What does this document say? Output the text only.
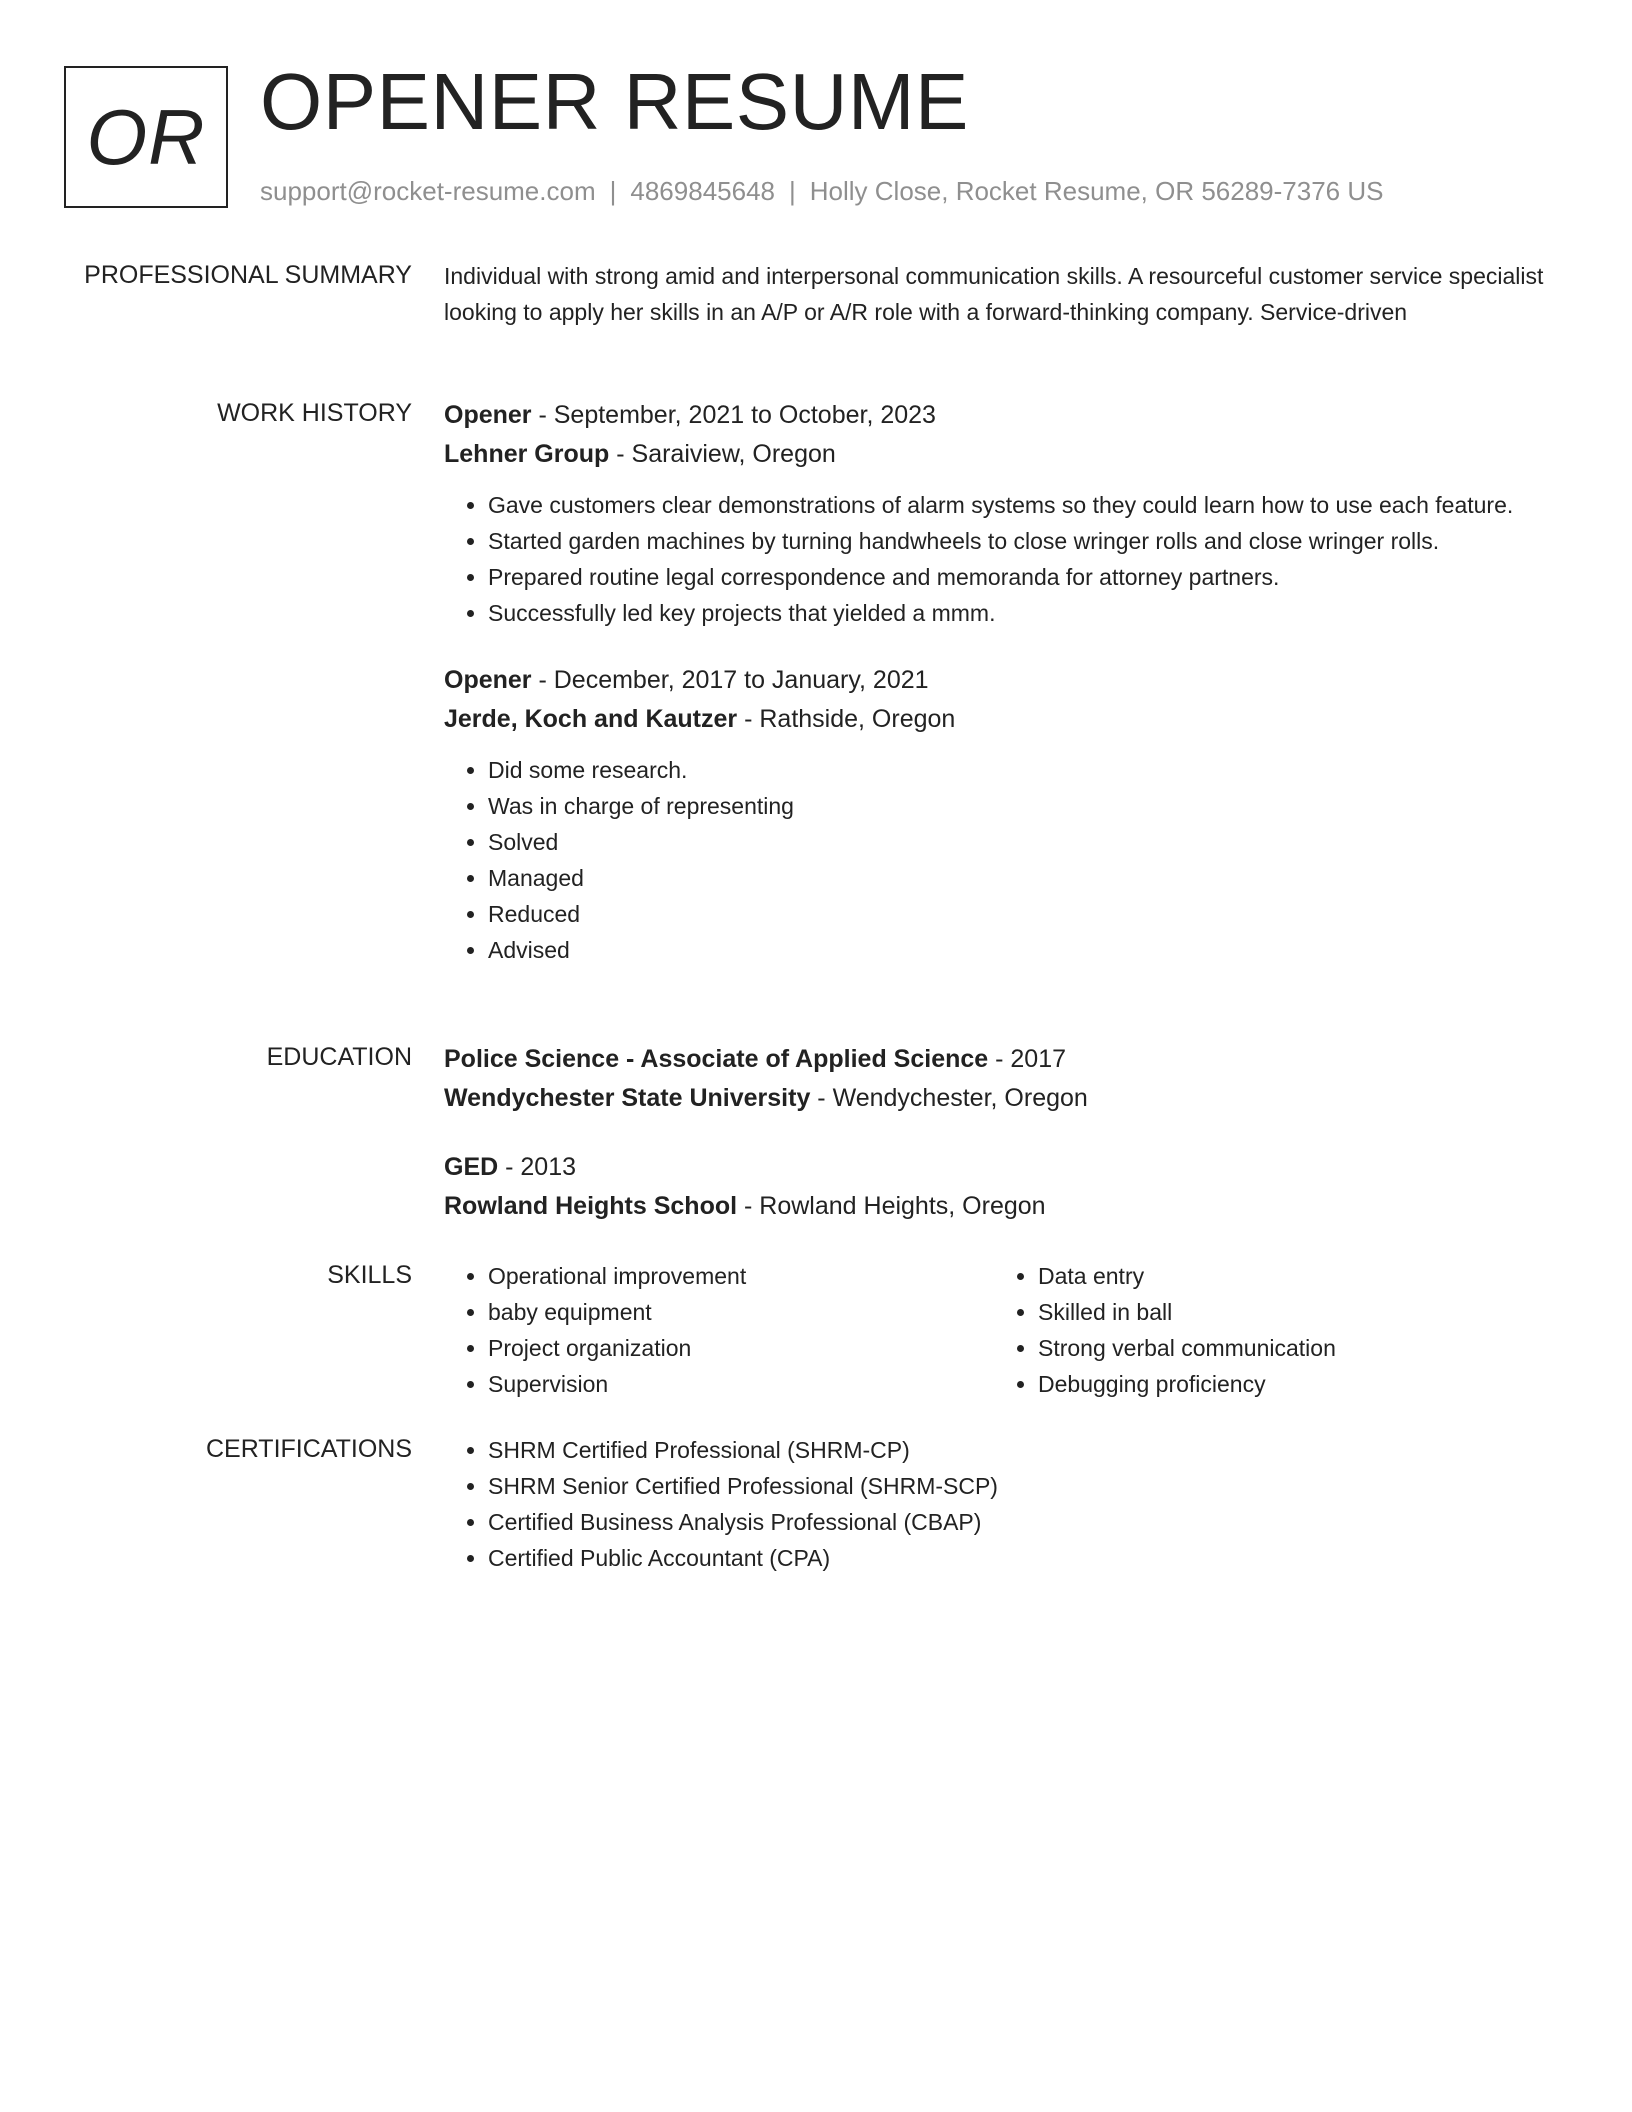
OR OPENER RESUME
support@rocket-resume.com | 4869845648 | Holly Close, Rocket Resume, OR 56289-7376 US
PROFESSIONAL SUMMARY Individual with strong amid and interpersonal communication skills. A resourceful customer service specialist looking to apply her skills in an A/P or A/R role with a forward-thinking company. Service-driven

WORK HISTORY Opener - September, 2021 to October, 2023
Lehner Group - Saraiview, Oregon
• Gave customers clear demonstrations of alarm systems so they could learn how to use each feature.
• Started garden machines by turning handwheels to close wringer rolls and close wringer rolls.
• Prepared routine legal correspondence and memoranda for attorney partners.
• Successfully led key projects that yielded a mmm.
Opener - December, 2017 to January, 2021
Jerde, Koch and Kautzer - Rathside, Oregon
• Did some research.
• Was in charge of representing
• Solved
• Managed
• Reduced
• Advised
EDUCATION Police Science - Associate of Applied Science - 2017
Wendychester State University - Wendychester, Oregon
GED - 2013
Rowland Heights School - Rowland Heights, Oregon
SKILLS	• Operational improvement
• baby equipment
• Project organization
• Supervision
• Data entry
• Skilled in ball
• Strong verbal communication
• Debugging proficiency
CERTIFICATIONS	• SHRM Certified Professional (SHRM-CP)
• SHRM Senior Certified Professional (SHRM-SCP)
• Certified Business Analysis Professional (CBAP)
• Certified Public Accountant (CPA)
